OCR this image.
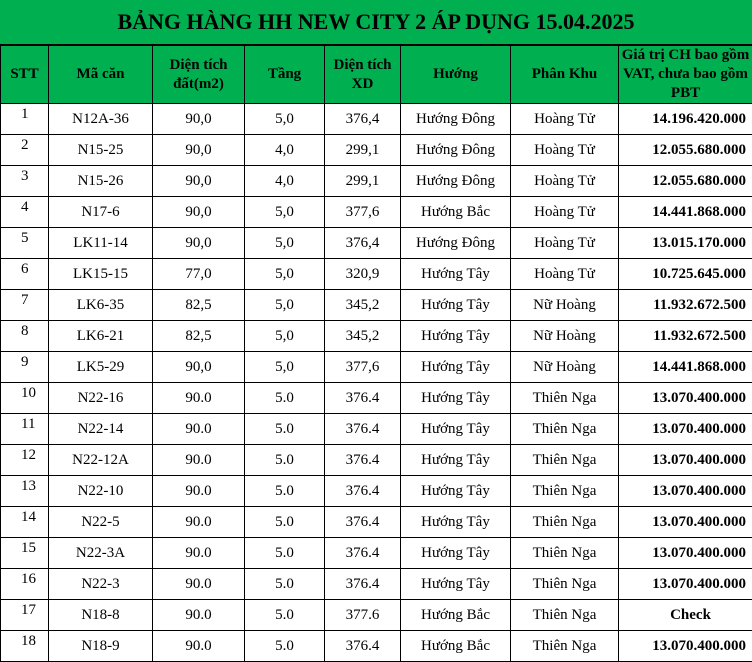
BẢNG HÀNG HH NEW CITY 2 ÁP DỤNG 15.04.2025
STT	Mã căn	Diện tích đất(m2)	Tầng	Diện tích XD	Hướng	Phân Khu	Giá trị CH bao gồm VAT, chưa bao gồm PBT
1	N12A-36	90,0	5,0	376,4	Hướng Đông	Hoàng Tử	14.196.420.000
2	N15-25	90,0	4,0	299,1	Hướng Đông	Hoàng Tử	12.055.680.000
3	N15-26	90,0	4,0	299,1	Hướng Đông	Hoàng Tử	12.055.680.000
4	N17-6	90,0	5,0	377,6	Hướng Bắc	Hoàng Tử	14.441.868.000
5	LK11-14	90,0	5,0	376,4	Hướng Đông	Hoàng Tử	13.015.170.000
6	LK15-15	77,0	5,0	320,9	Hướng Tây	Hoàng Tử	10.725.645.000
7	LK6-35	82,5	5,0	345,2	Hướng Tây	Nữ Hoàng	11.932.672.500
8	LK6-21	82,5	5,0	345,2	Hướng Tây	Nữ Hoàng	11.932.672.500
9	LK5-29	90,0	5,0	377,6	Hướng Tây	Nữ Hoàng	14.441.868.000
10	N22-16	90.0	5.0	376.4	Hướng Tây	Thiên Nga	13.070.400.000
11	N22-14	90.0	5.0	376.4	Hướng Tây	Thiên Nga	13.070.400.000
12	N22-12A	90.0	5.0	376.4	Hướng Tây	Thiên Nga	13.070.400.000
13	N22-10	90.0	5.0	376.4	Hướng Tây	Thiên Nga	13.070.400.000
14	N22-5	90.0	5.0	376.4	Hướng Tây	Thiên Nga	13.070.400.000
15	N22-3A	90.0	5.0	376.4	Hướng Tây	Thiên Nga	13.070.400.000
16	N22-3	90.0	5.0	376.4	Hướng Tây	Thiên Nga	13.070.400.000
17	N18-8	90.0	5.0	377.6	Hướng Bắc	Thiên Nga	Check
18	N18-9	90.0	5.0	376.4	Hướng Bắc	Thiên Nga	13.070.400.000
